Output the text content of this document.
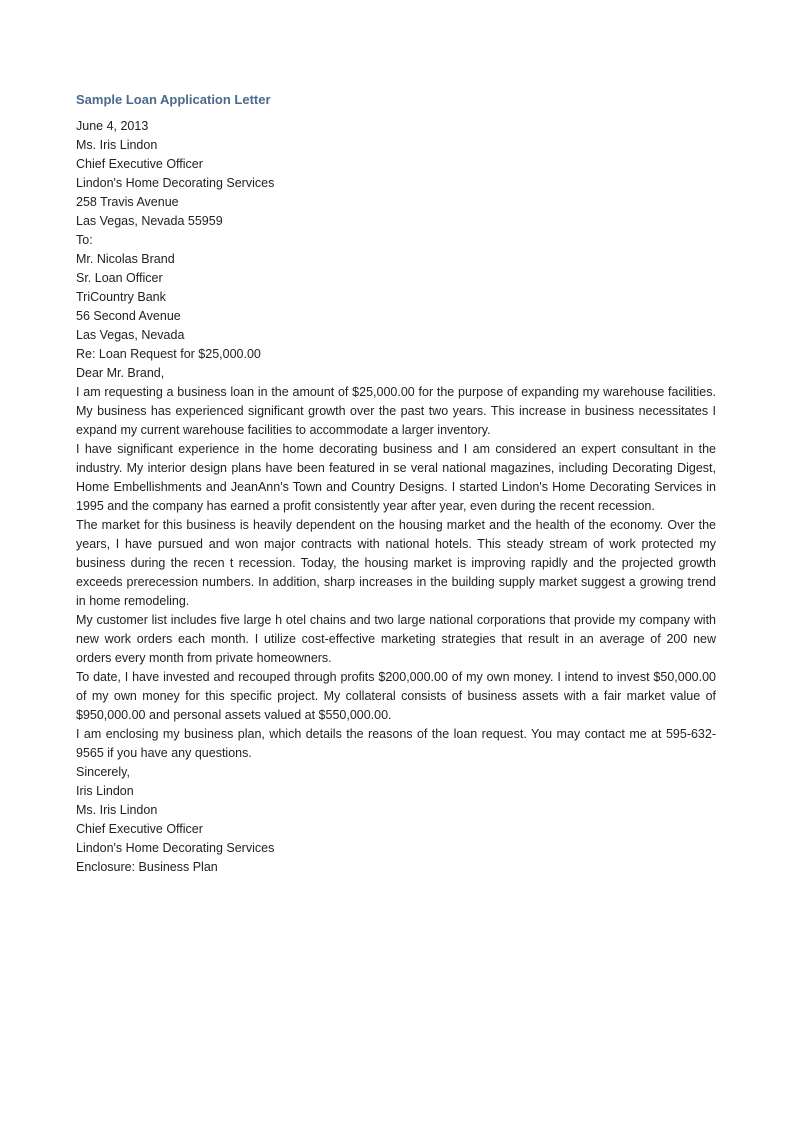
Sample Loan Application Letter

June 4, 2013

Ms. Iris Lindon

Chief Executive Officer

Lindon's Home Decorating Services

258 Travis Avenue

Las Vegas, Nevada 55959

To:

Mr. Nicolas Brand

Sr. Loan Officer

TriCountry Bank

56 Second Avenue

Las Vegas, Nevada

Re: Loan Request for $25,000.00

Dear Mr. Brand,

I am requesting a business loan in the amount of $25,000.00 for the purpose of expanding my warehouse facilities. My business has experienced significant growth over the past two years. This increase in business necessitates I expand my current warehouse facilities to accommodate a larger inventory.

I have significant experience in the home decorating business and I am considered an expert consultant in the industry. My interior design plans have been featured in se veral national magazines, including Decorating Digest, Home Embellishments and JeanAnn's Town and Country Designs. I started Lindon's Home Decorating Services in 1995 and the company has earned a profit consistently year after year, even during the recent recession.

The market for this business is heavily dependent on the housing market and the health of the economy. Over the years, I have pursued and won major contracts with national hotels. This steady stream of work protected my business during the recen t recession. Today, the housing market is improving rapidly and the projected growth exceeds prerecession numbers. In addition, sharp increases in the building supply market suggest a growing trend in home remodeling.

My customer list includes five large h otel chains and two large national corporations that provide my company with new work orders each month. I utilize cost-effective marketing strategies that result in an average of 200 new orders every month from private homeowners.

To date, I have invested and recouped through profits $200,000.00 of my own money. I intend to invest $50,000.00 of my own money for this specific project. My collateral consists of business assets with a fair market value of $950,000.00 and personal assets valued at $550,000.00.

I am enclosing my business plan, which details the reasons of the loan request. You may contact me at 595-632-9565 if you have any questions.

Sincerely,

Iris Lindon

Ms. Iris Lindon

Chief Executive Officer

Lindon's Home Decorating Services

Enclosure: Business Plan
